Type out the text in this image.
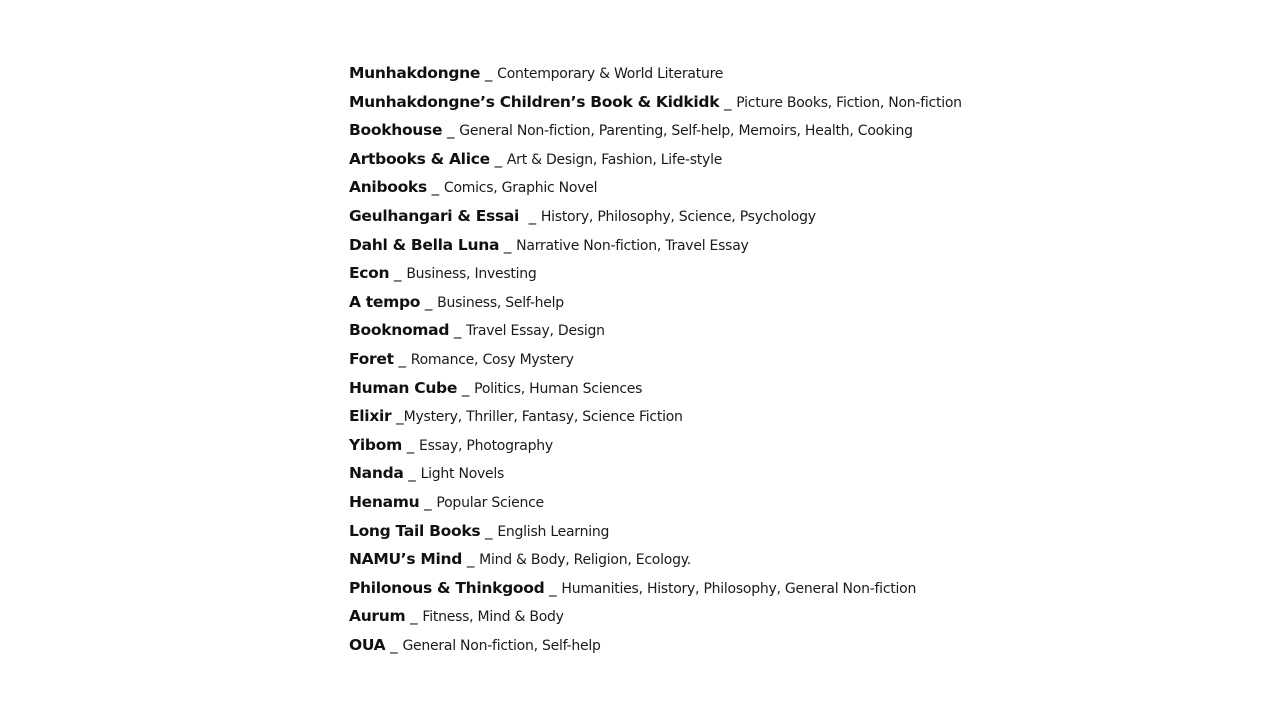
Munhakdongne _ Contemporary & World Literature
Munhakdongne’s Children’s Book & Kidkidk _ Picture Books, Fiction, Non-fiction
Bookhouse _ General Non-fiction, Parenting, Self-help, Memoirs, Health, Cooking
Artbooks & Alice _ Art & Design, Fashion, Life-style
Anibooks _ Comics, Graphic Novel
Geulhangari & Essai  _ History, Philosophy, Science, Psychology
Dahl & Bella Luna _ Narrative Non-fiction, Travel Essay
Econ _ Business, Investing
A tempo _ Business, Self-help
Booknomad _ Travel Essay, Design
Foret _ Romance, Cosy Mystery
Human Cube _ Politics, Human Sciences
Elixir _Mystery, Thriller, Fantasy, Science Fiction
Yibom _ Essay, Photography
Nanda _ Light Novels
Henamu _ Popular Science
Long Tail Books _ English Learning
NAMU’s Mind _ Mind & Body, Religion, Ecology.
Philonous & Thinkgood _ Humanities, History, Philosophy, General Non-fiction
Aurum _ Fitness, Mind & Body
OUA _ General Non-fiction, Self-help
